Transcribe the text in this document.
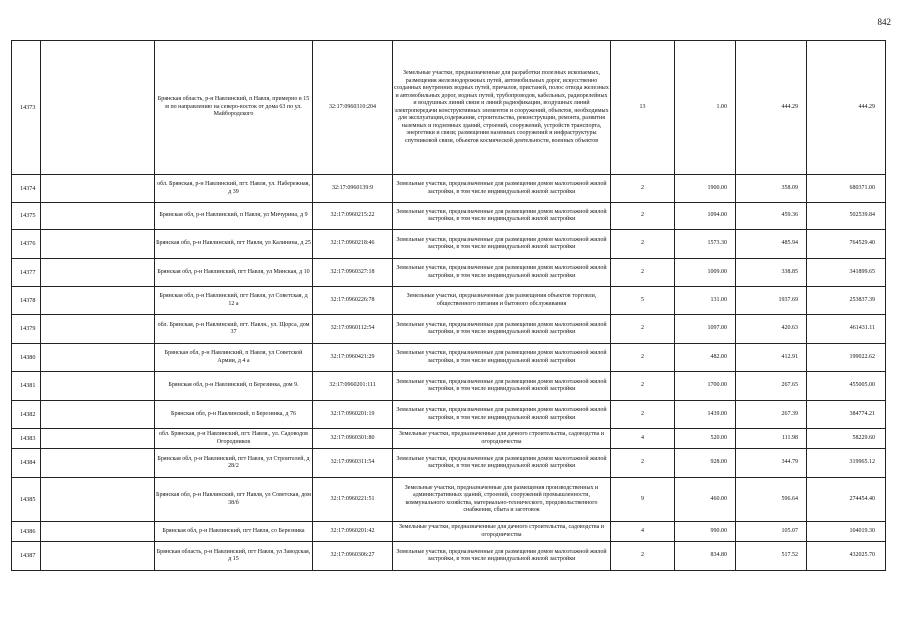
842
14373		Брянская область, р-н Навлинский, п Навля, примерно в 15 м по направлению на северо-восток от дома 63 по ул. Майбородского	32:17:0960310:204	Земельные участки, предназначенные для разработки полезных ископаемых, размещения железнодорожных путей, автомобильных дорог, искусственно созданных внутренних водных путей, причалов, пристаней, полос отвода железных и автомобильных дорог, водных путей, трубопроводов, кабельных, радиорелейных и воздушных линий связи и линий радиофикации, воздушных линий электропередачи конструктивных элементов и сооружений, объектов, необходимых для эксплуатации,содержания, строительства, реконструкции, ремонта, развития наземных и подземных зданий, строений, сооружений, устройств транспорта, энергетики и связи; размещения наземных сооружений и инфраструктуры спутниковой связи, объектов космической деятельности, военных объектов	13	1.00	444.29	444.29
14374		обл. Брянская, р-н Навлинский, пгт. Навля, ул. Набережная, д 39	32:17:0960139:9	Земельные участки, предназначенные для размещения домов малоэтажной жилой застройки, в том числе индивидуальной жилой застройки	2	1900.00	358.09	680371.00
14375		Брянская обл, р-н Навлинский, п Навля, ул Мичурина, д 9	32:17:0960215:22	Земельные участки, предназначенные для размещения домов малоэтажной жилой застройки, в том числе индивидуальной жилой застройки	2	1094.00	459.36	502539.84
14376		Брянская обл, р-н Навлинский, пгт Навля, ул Калинина, д 25	32:17:0960218:46	Земельные участки, предназначенные для размещения домов малоэтажной жилой застройки, в том числе индивидуальной жилой застройки	2	1573.30	485.94	764529.40
14377		Брянская обл, р-н Навлинский, пгт Навля, ул Минская, д 10	32:17:0960327:18	Земельные участки, предназначенные для размещения домов малоэтажной жилой застройки, в том числе индивидуальной жилой застройки	2	1009.00	338.85	341899.65
14378		Брянская обл, р-н Навлинский, пгт Навля, ул Советская, д 12 а	32:17:0960226:78	Земельные участки, предназначенные для размещения объектов торговли, общественного питания и бытового обслуживания	5	131.00	1937.69	253837.39
14379		обл. Брянская, р-н Навлинский, пгт. Навля., ул. Щорса, дом 37	32:17:0960112:54	Земельные участки, предназначенные для размещения домов малоэтажной жилой застройки, в том числе индивидуальной жилой застройки	2	1097.00	420.63	461431.11
14380		Брянская обл, р-н Навлинский, п Навля, ул Советской Армии, д 4 а	32:17:0960421:29	Земельные участки, предназначенные для размещения домов малоэтажной жилой застройки, в том числе индивидуальной жилой застройки	2	482.00	412.91	199022.62
14381		Брянская обл, р-н Навлинский, п Березинка, дом 9.	32:17:0960201:111	Земельные участки, предназначенные для размещения домов малоэтажной жилой застройки, в том числе индивидуальной жилой застройки	2	1700.00	267.65	455005.00
14382		Брянская обл, р-н Навлинский, п Березинка, д 76	32:17:0960201:19	Земельные участки, предназначенные для размещения домов малоэтажной жилой застройки, в том числе индивидуальной жилой застройки	2	1439.00	267.39	384774.21
14383		обл. Брянская, р-н Навлинский, пгт. Навля., ул. Садоводов Огородников	32:17:0960301:80	Земельные участки, предназначенные для дачного строительства, садоводства и огородничества	4	520.00	111.98	58229.60
14384		Брянская обл, р-н Навлинский, пгт Навля, ул Строителей, д 28/2	32:17:0960311:54	Земельные участки, предназначенные для размещения домов малоэтажной жилой застройки, в том числе индивидуальной жилой застройки	2	928.00	344.79	319965.12
14385		Брянская обл, р-н Навлинский, пгт Навля, ул Советская, дом 38/б	32:17:0960221:51	Земельные участки, предназначенные для размещения производственных и административных зданий, строений, сооружений промышленности, коммунального хозяйства, материально-технического, продовольственного снабжения, сбыта и заготовок	9	460.00	596.64	274454.40
14386		Брянская обл, р-н Навлинский, пгт Навля, со Березника	32:17:0960201:42	Земельные участки, предназначенные для дачного строительства, садоводства и огородничества	4	990.00	105.07	104019.30
14387		Брянская область, р-н Навлинский, пгт Навля, ул Заводская, д 15	32:17:0960306:27	Земельные участки, предназначенные для размещения домов малоэтажной жилой застройки, в том числе индивидуальной жилой застройки	2	834.80	517.52	432025.70
